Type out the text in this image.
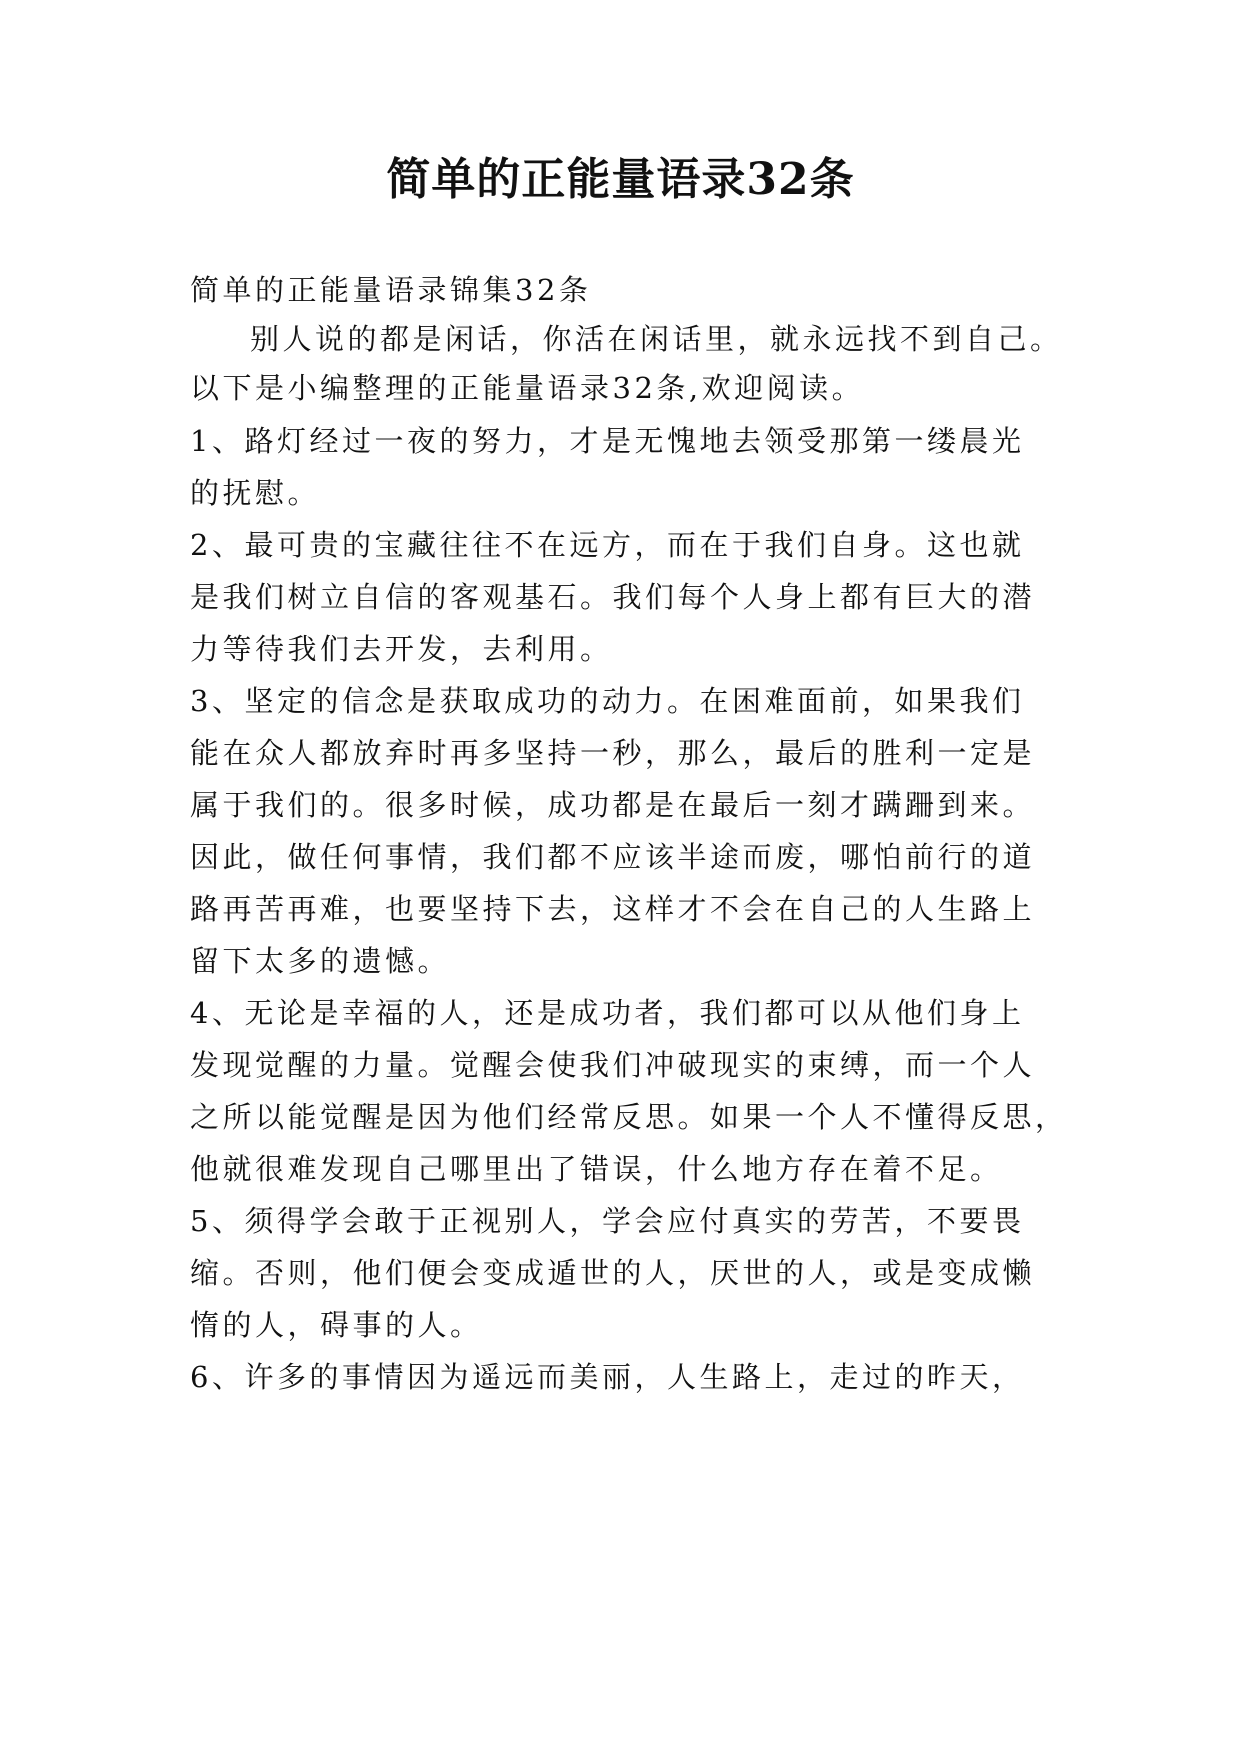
简单的正能量语录32条
简单的正能量语录锦集32条
别人说的都是闲话，你活在闲话里，就永远找不到自己。
以下是小编整理的正能量语录32条,欢迎阅读。
1、路灯经过一夜的努力，才是无愧地去领受那第一缕晨光
的抚慰。
2、最可贵的宝藏往往不在远方，而在于我们自身。这也就
是我们树立自信的客观基石。我们每个人身上都有巨大的潜
力等待我们去开发，去利用。
3、坚定的信念是获取成功的动力。在困难面前，如果我们
能在众人都放弃时再多坚持一秒，那么，最后的胜利一定是
属于我们的。很多时候，成功都是在最后一刻才蹒跚到来。
因此，做任何事情，我们都不应该半途而废，哪怕前行的道
路再苦再难，也要坚持下去，这样才不会在自己的人生路上
留下太多的遗憾。
4、无论是幸福的人，还是成功者，我们都可以从他们身上
发现觉醒的力量。觉醒会使我们冲破现实的束缚，而一个人
之所以能觉醒是因为他们经常反思。如果一个人不懂得反思，
他就很难发现自己哪里出了错误，什么地方存在着不足。
5、须得学会敢于正视别人，学会应付真实的劳苦，不要畏
缩。否则，他们便会变成遁世的人，厌世的人，或是变成懒
惰的人，碍事的人。
6、许多的事情因为遥远而美丽，人生路上，走过的昨天，
